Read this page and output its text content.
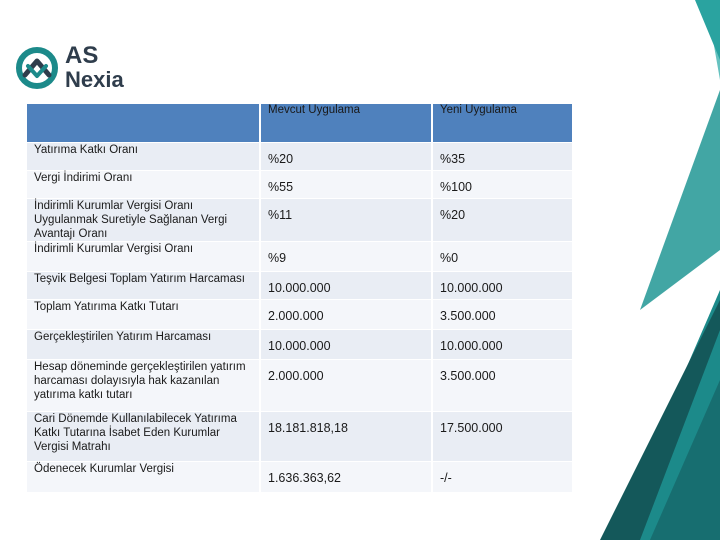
AS
Nexia
	Mevcut Uygulama	Yeni Uygulama
Yatırıma Katkı Oranı	%20	%35
Vergi İndirimi Oranı	%55	%100
İndirimli Kurumlar Vergisi Oranı Uygulanmak Suretiyle Sağlanan Vergi Avantajı Oranı	%11	%20
İndirimli Kurumlar Vergisi Oranı	%9	%0
Teşvik Belgesi Toplam Yatırım Harcaması	10.000.000	10.000.000
Toplam Yatırıma Katkı Tutarı	2.000.000	3.500.000
Gerçekleştirilen Yatırım Harcaması	10.000.000	10.000.000
Hesap döneminde gerçekleştirilen yatırım harcaması dolayısıyla hak kazanılan yatırıma katkı tutarı	2.000.000	3.500.000
Cari Dönemde Kullanılabilecek Yatırıma Katkı Tutarına İsabet Eden Kurumlar Vergisi Matrahı	18.181.818,18	17.500.000
Ödenecek Kurumlar Vergisi	1.636.363,62	-/-
